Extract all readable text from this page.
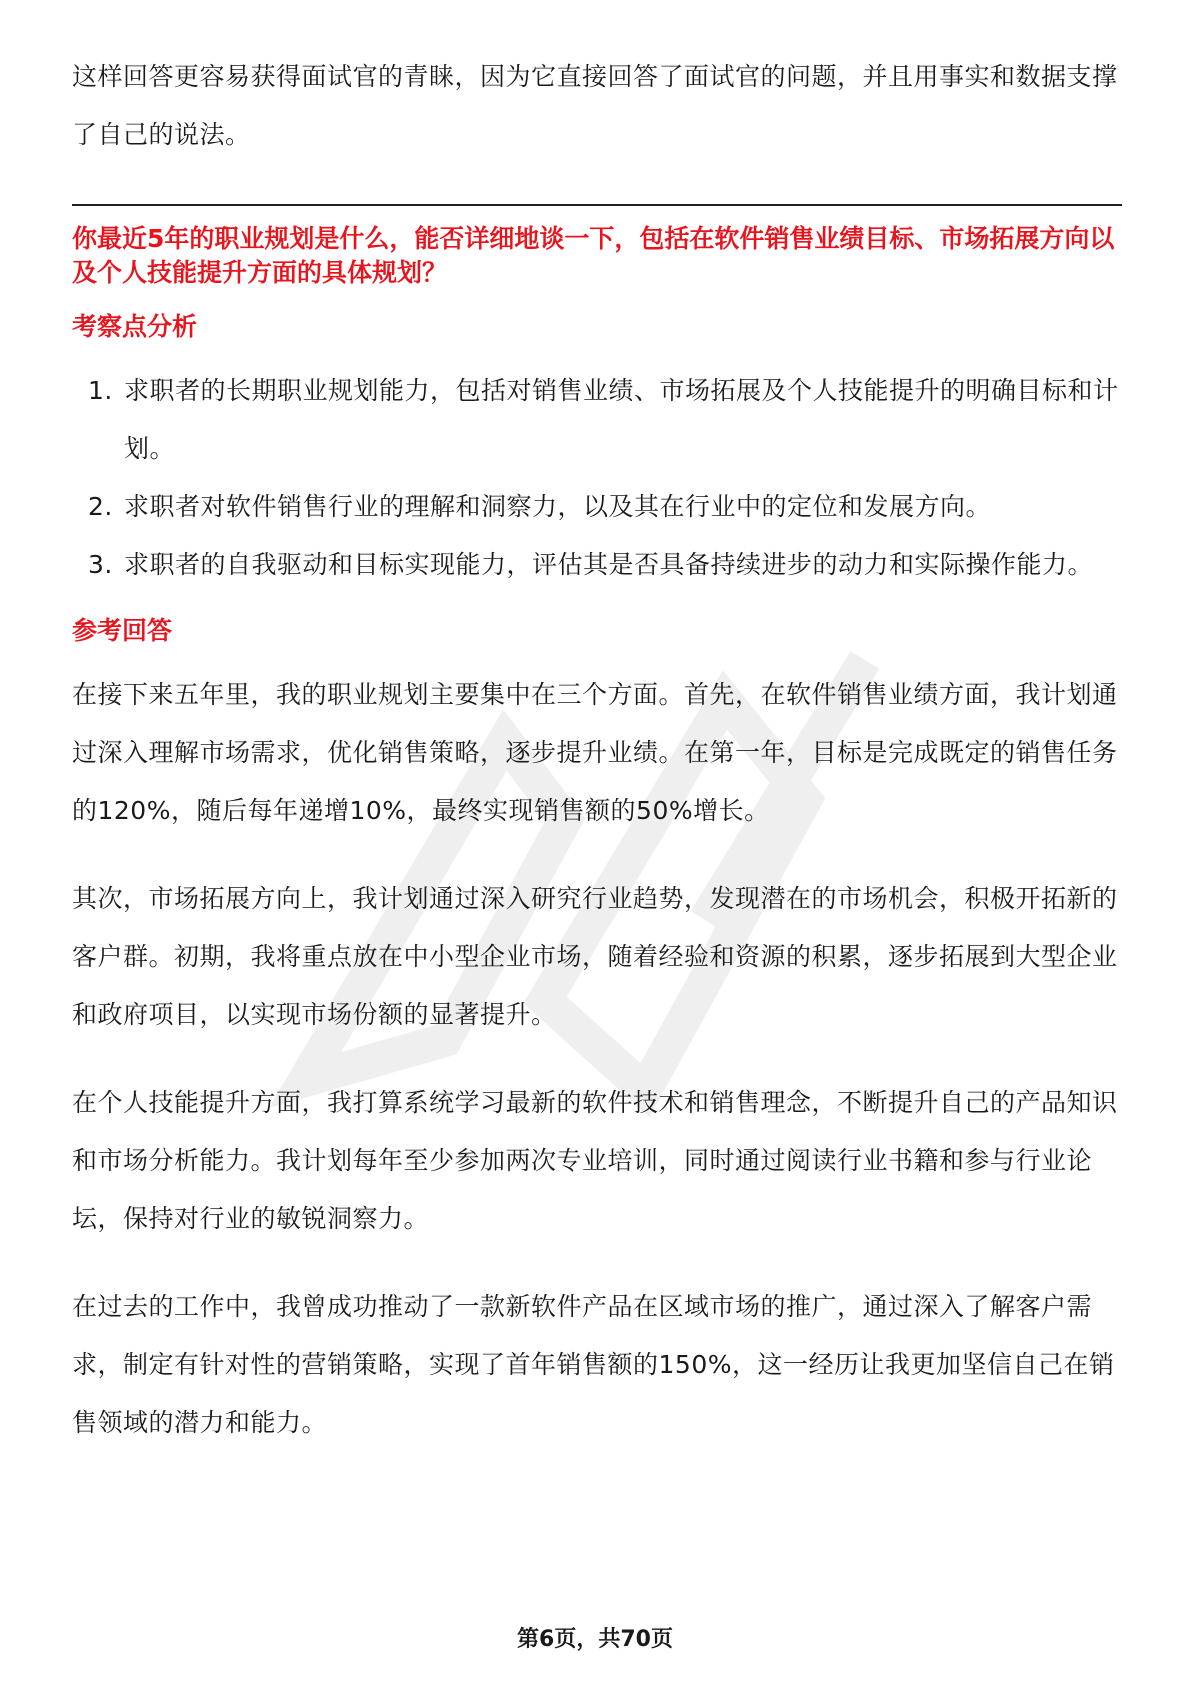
这样回答更容易获得面试官的青睐，因为它直接回答了面试官的问题，并且用事实和数据支撑了自己的说法。

你最近5年的职业规划是什么，能否详细地谈一下，包括在软件销售业绩目标、市场拓展方向以及个人技能提升方面的具体规划？

考察点分析

1. 求职者的长期职业规划能力，包括对销售业绩、市场拓展及个人技能提升的明确目标和计划。
2. 求职者对软件销售行业的理解和洞察力，以及其在行业中的定位和发展方向。
3. 求职者的自我驱动和目标实现能力，评估其是否具备持续进步的动力和实际操作能力。

参考回答

在接下来五年里，我的职业规划主要集中在三个方面。首先，在软件销售业绩方面，我计划通过深入理解市场需求，优化销售策略，逐步提升业绩。在第一年，目标是完成既定的销售任务的120%，随后每年递增10%，最终实现销售额的50%增长。

其次，市场拓展方向上，我计划通过深入研究行业趋势，发现潜在的市场机会，积极开拓新的客户群。初期，我将重点放在中小型企业市场，随着经验和资源的积累，逐步拓展到大型企业和政府项目，以实现市场份额的显著提升。

在个人技能提升方面，我打算系统学习最新的软件技术和销售理念，不断提升自己的产品知识和市场分析能力。我计划每年至少参加两次专业培训，同时通过阅读行业书籍和参与行业论坛，保持对行业的敏锐洞察力。

在过去的工作中，我曾成功推动了一款新软件产品在区域市场的推广，通过深入了解客户需求，制定有针对性的营销策略，实现了首年销售额的150%，这一经历让我更加坚信自己在销售领域的潜力和能力。

第6页，共70页
